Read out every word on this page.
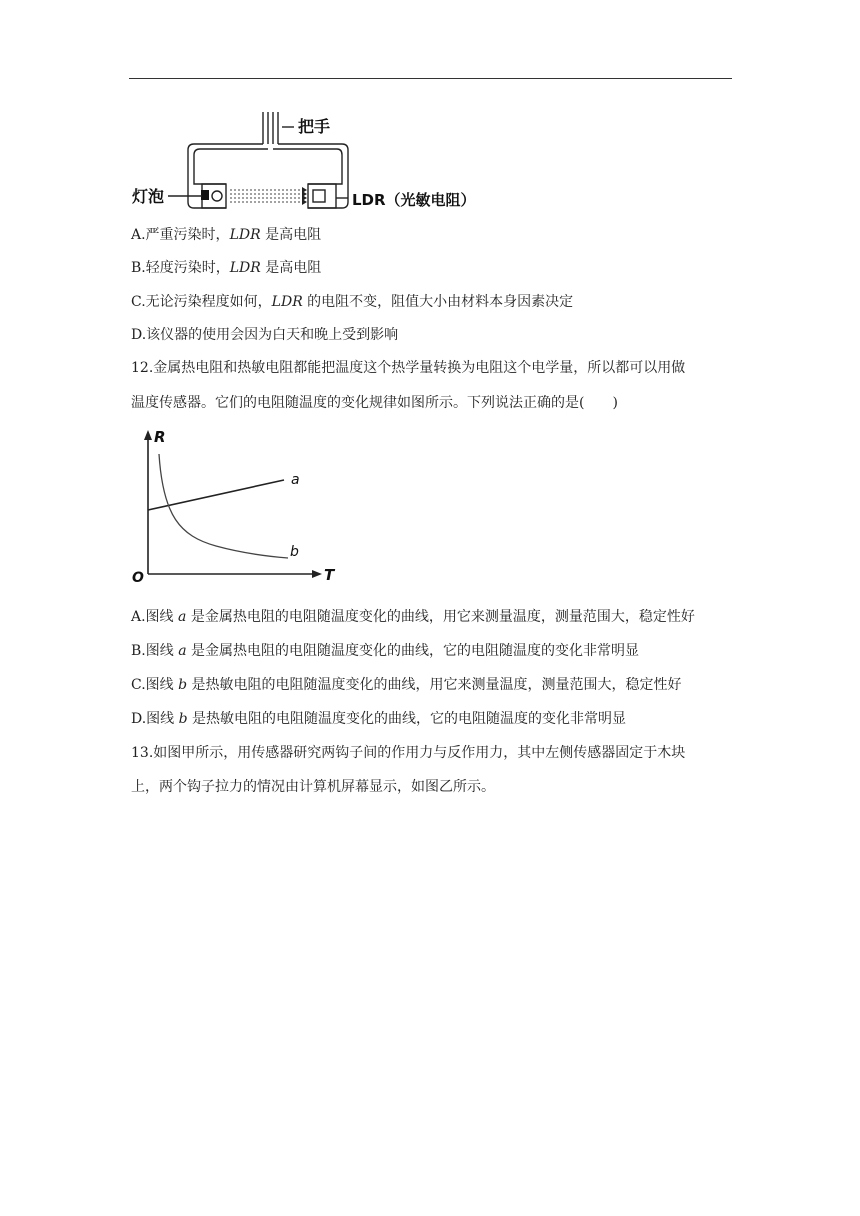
把手
灯泡	LDR（光敏电阻）
A.严重污染时，LDR 是高电阻
B.轻度污染时，LDR 是高电阻
C.无论污染程度如何，LDR 的电阻不变，阻值大小由材料本身因素决定
D.该仪器的使用会因为白天和晚上受到影响
12.金属热电阻和热敏电阻都能把温度这个热学量转换为电阻这个电学量，所以都可以用做
温度传感器。它们的电阻随温度的变化规律如图所示。下列说法正确的是(　　)
O
R
T
a
b
A.图线 a 是金属热电阻的电阻随温度变化的曲线，用它来测量温度，测量范围大，稳定性好
B.图线 a 是金属热电阻的电阻随温度变化的曲线，它的电阻随温度的变化非常明显
C.图线 b 是热敏电阻的电阻随温度变化的曲线，用它来测量温度，测量范围大，稳定性好
D.图线 b 是热敏电阻的电阻随温度变化的曲线，它的电阻随温度的变化非常明显
13.如图甲所示，用传感器研究两钩子间的作用力与反作用力，其中左侧传感器固定于木块
上，两个钩子拉力的情况由计算机屏幕显示，如图乙所示。
